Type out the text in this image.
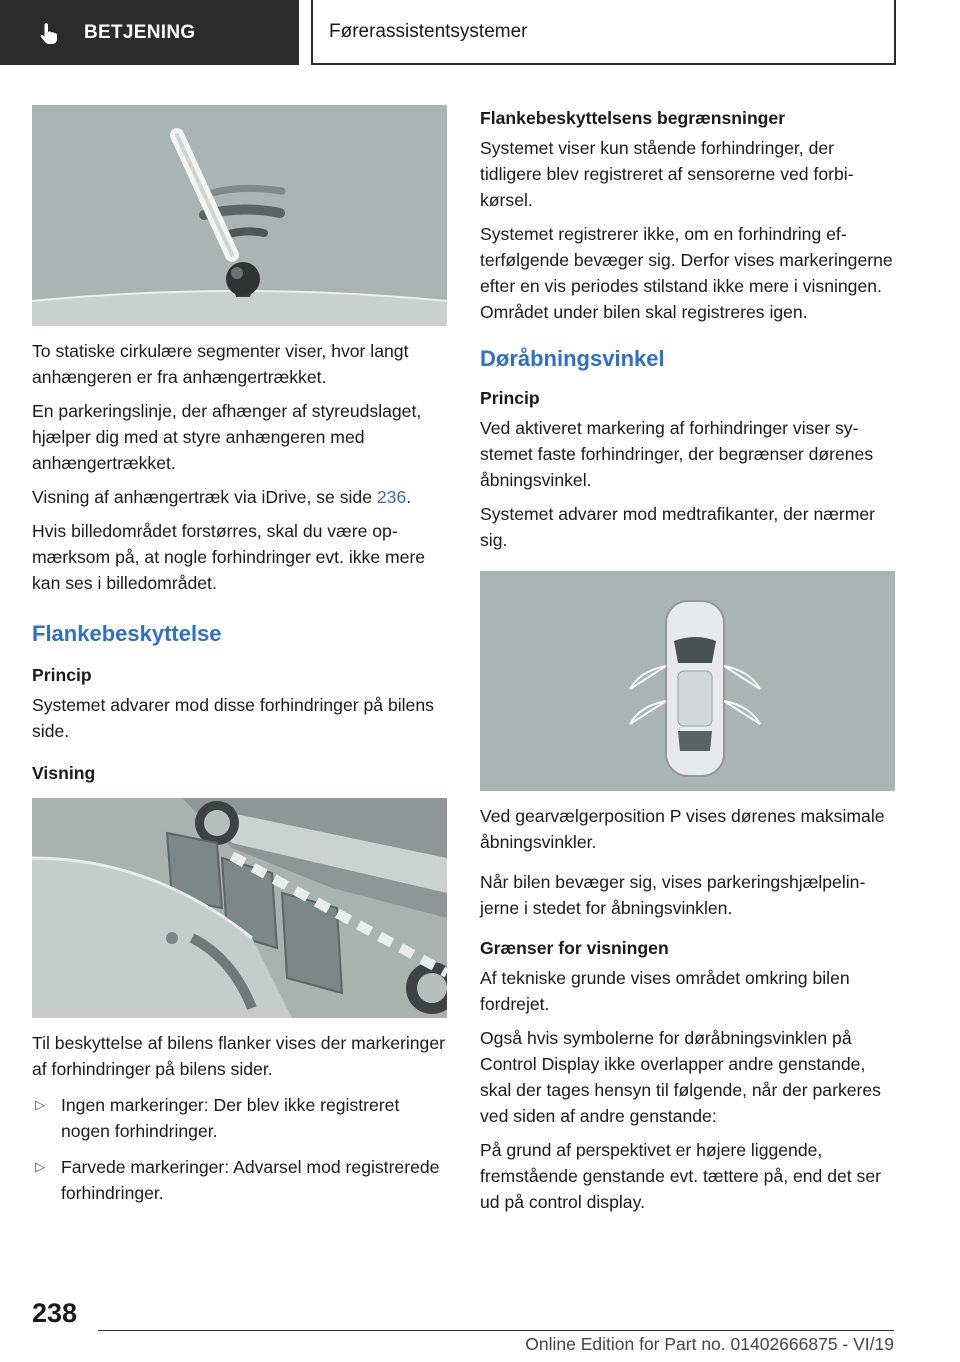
BETJENING	Førerassistentsystemer

To statiske cirkulære segmenter viser, hvor langt anhængeren er fra anhængertrækket.

En parkeringslinje, der afhænger af styreudslaget, hjælper dig med at styre anhængeren med anhængertrækket.

Visning af anhængertræk via iDrive, se side 236.

Hvis billedområdet forstørres, skal du være opmærksom på, at nogle forhindringer evt. ikke mere kan ses i billedområdet.

Flankebeskyttelse
Princip

Systemet advarer mod disse forhindringer på bilens side.

Visning

Til beskyttelse af bilens flanker vises der markeringer af forhindringer på bilens sider.

▷ Ingen markeringer: Der blev ikke registreret nogen forhindringer.
▷ Farvede markeringer: Advarsel mod registrerede forhindringer.
Flankebeskyttelsens begrænsninger

Systemet viser kun stående forhindringer, der tidligere blev registreret af sensorerne ved forbikørsel.

Systemet registrerer ikke, om en forhindring efterfølgende bevæger sig. Derfor vises markeringerne efter en vis periodes stilstand ikke mere i visningen. Området under bilen skal registreres igen.

Døråbningsvinkel
Princip

Ved aktiveret markering af forhindringer viser systemet faste forhindringer, der begrænser dørenes åbningsvinkel.

Systemet advarer mod medtrafikanter, der nærmer sig.

Ved gearvælgerposition P vises dørenes maksimale åbningsvinkler.

Når bilen bevæger sig, vises parkeringshjælpelinjerne i stedet for åbningsvinklen.

Grænser for visningen

Af tekniske grunde vises området omkring bilen fordrejet.

Også hvis symbolerne for døråbningsvinklen på Control Display ikke overlapper andre genstande, skal der tages hensyn til følgende, når der parkeres ved siden af andre genstande:

På grund af perspektivet er højere liggende, fremstående genstande evt. tættere på, end det ser ud på control display.

238
Online Edition for Part no. 01402666875 - VI/19
